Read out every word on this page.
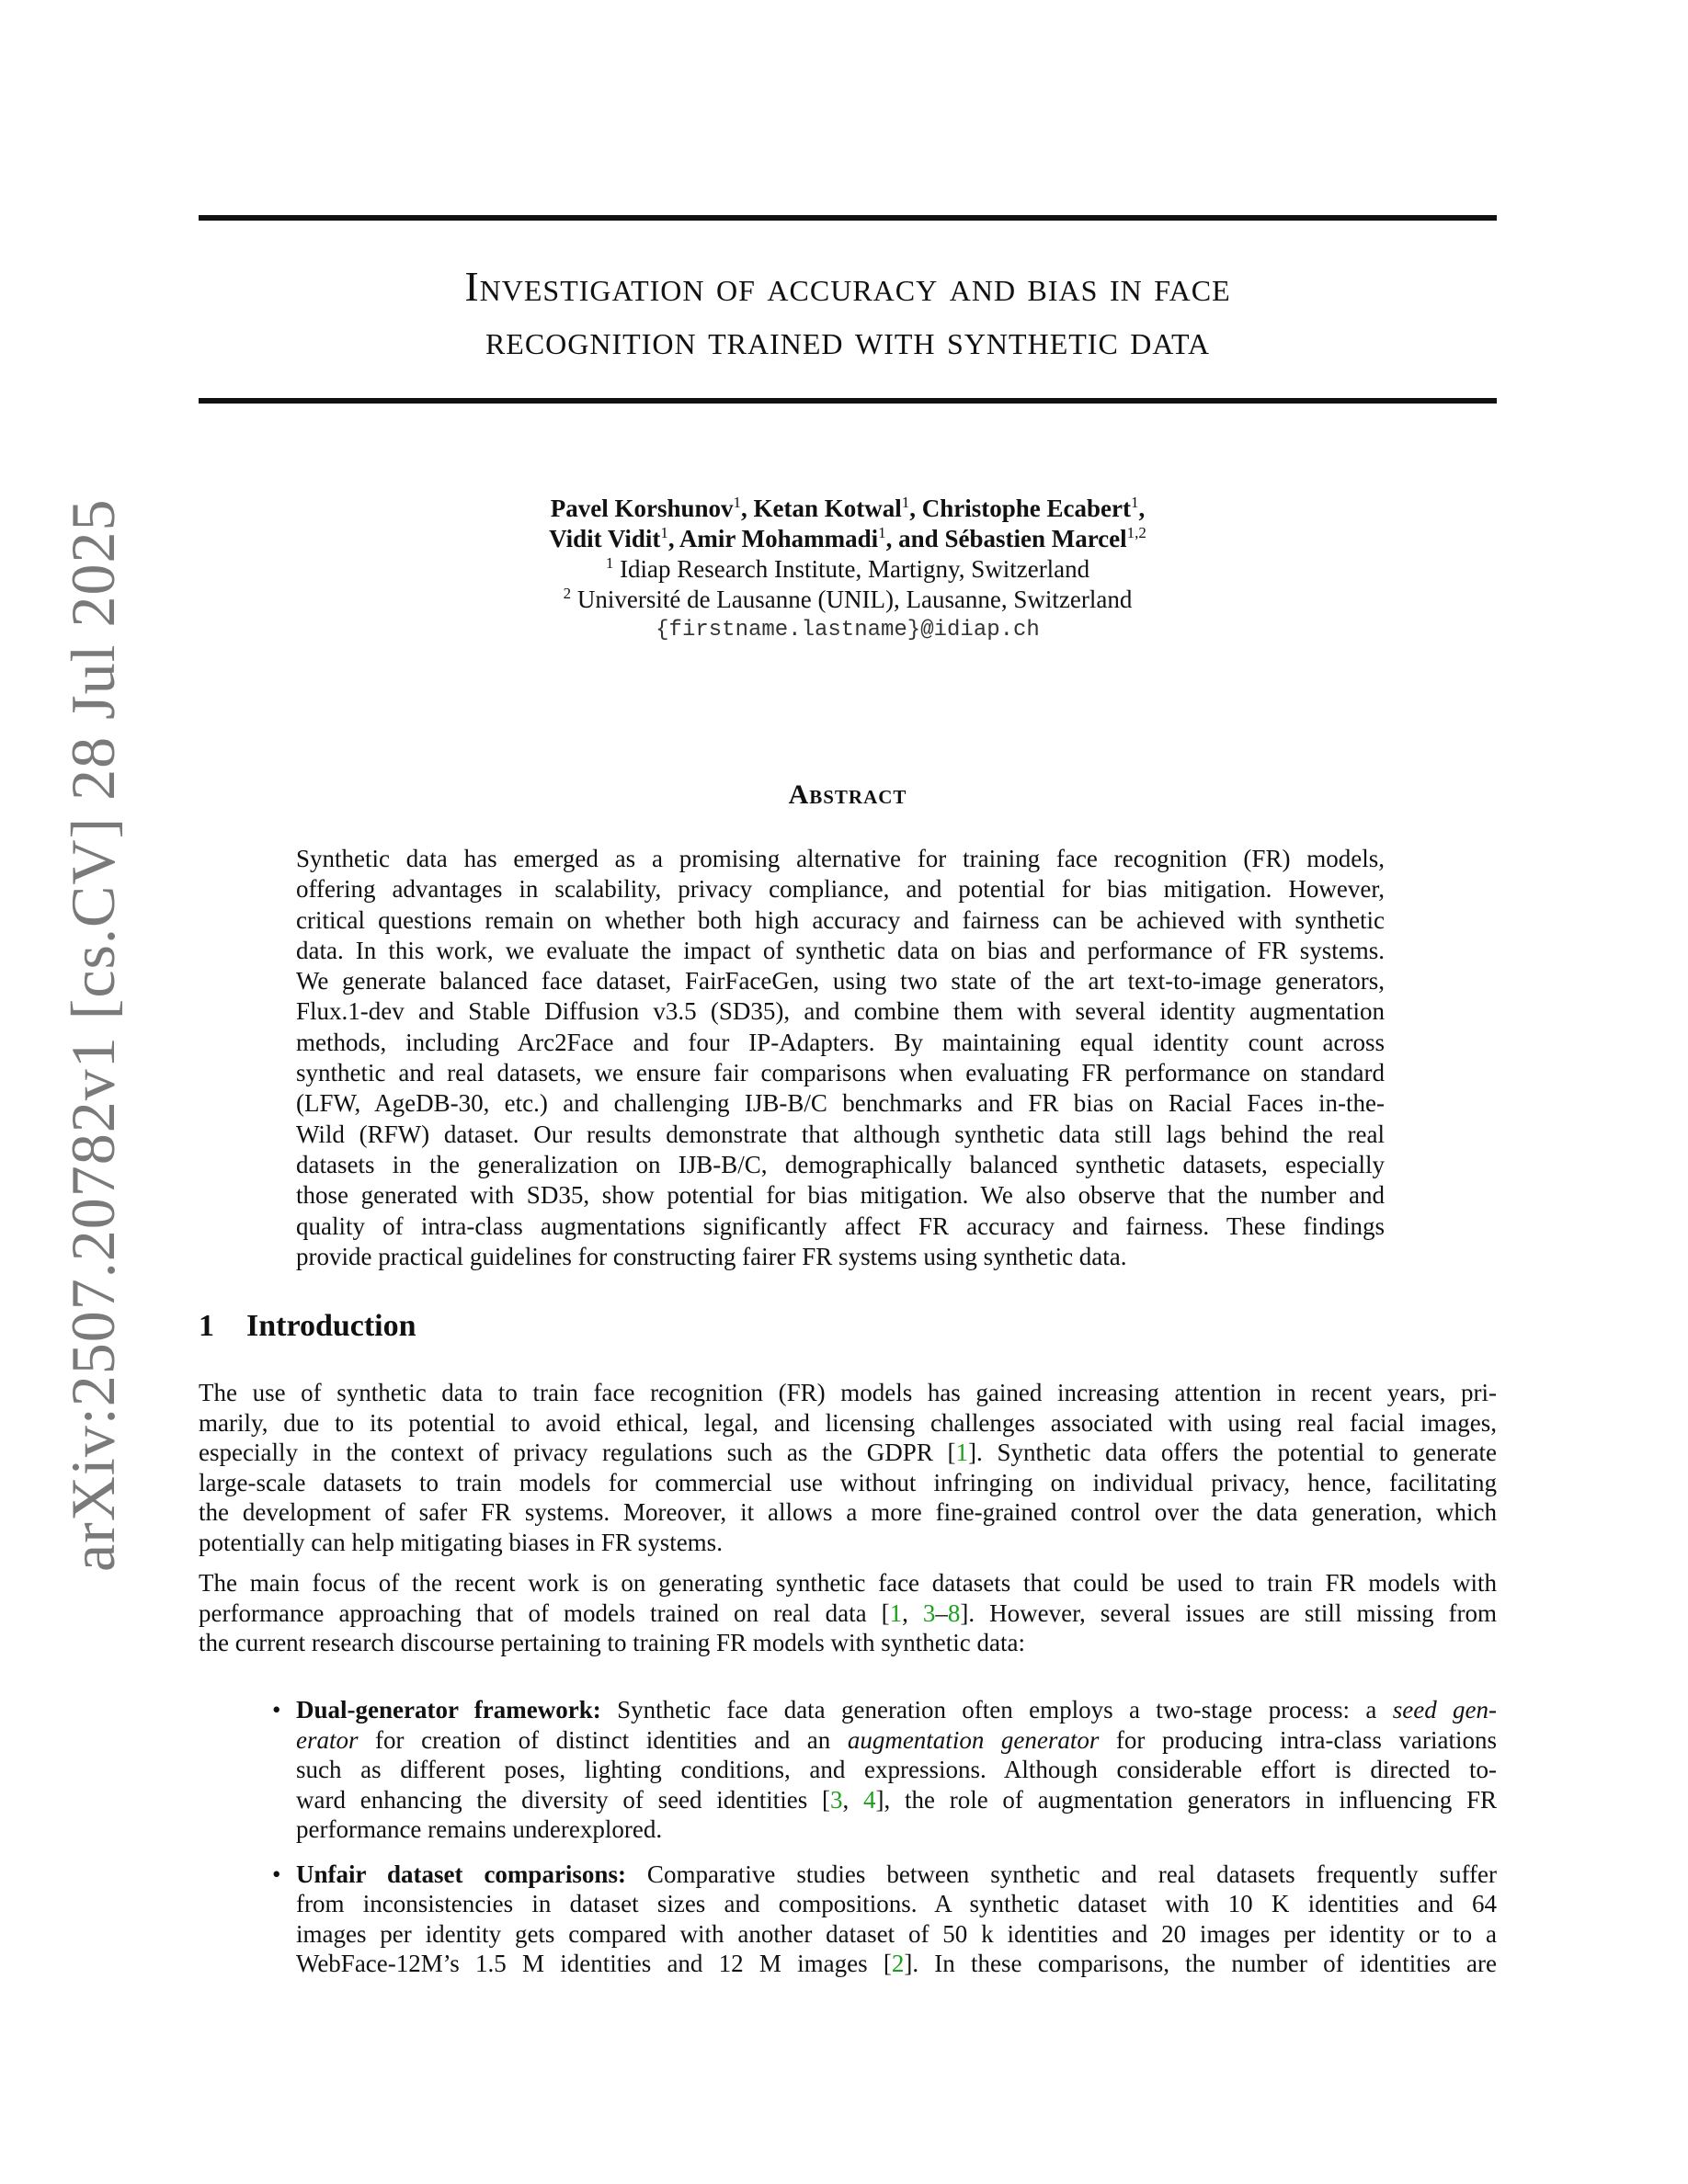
arXiv:2507.20782v1 [cs.CV] 28 Jul 2025
Investigation of accuracy and bias in face
recognition trained with synthetic data
Pavel Korshunov$^1$, Ketan Kotwal$^1$, Christophe Ecabert$^1$,
Vidit Vidit$^1$, Amir Mohammadi$^1$, and Sébastien Marcel$^{1,2}$
$^1$ Idiap Research Institute, Martigny, Switzerland
$^2$ Université de Lausanne (UNIL), Lausanne, Switzerland
{firstname.lastname}@idiap.ch
Abstract
Synthetic data has emerged as a promising alternative for training face recognition (FR) models,
offering advantages in scalability, privacy compliance, and potential for bias mitigation. However,
critical questions remain on whether both high accuracy and fairness can be achieved with synthetic
data. In this work, we evaluate the impact of synthetic data on bias and performance of FR systems.
We generate balanced face dataset, FairFaceGen, using two state of the art text-to-image generators,
Flux.1-dev and Stable Diffusion v3.5 (SD35), and combine them with several identity augmentation
methods, including Arc2Face and four IP-Adapters. By maintaining equal identity count across
synthetic and real datasets, we ensure fair comparisons when evaluating FR performance on standard
(LFW, AgeDB-30, etc.) and challenging IJB-B/C benchmarks and FR bias on Racial Faces in-the-
Wild (RFW) dataset. Our results demonstrate that although synthetic data still lags behind the real
datasets in the generalization on IJB-B/C, demographically balanced synthetic datasets, especially
those generated with SD35, show potential for bias mitigation. We also observe that the number and
quality of intra-class augmentations significantly affect FR accuracy and fairness. These findings
provide practical guidelines for constructing fairer FR systems using synthetic data.
1 Introduction
The use of synthetic data to train face recognition (FR) models has gained increasing attention in recent years, pri-
marily, due to its potential to avoid ethical, legal, and licensing challenges associated with using real facial images,
especially in the context of privacy regulations such as the GDPR [1]. Synthetic data offers the potential to generate
large-scale datasets to train models for commercial use without infringing on individual privacy, hence, facilitating
the development of safer FR systems. Moreover, it allows a more fine-grained control over the data generation, which
potentially can help mitigating biases in FR systems.
The main focus of the recent work is on generating synthetic face datasets that could be used to train FR models with
performance approaching that of models trained on real data [1, 3–8]. However, several issues are still missing from
the current research discourse pertaining to training FR models with synthetic data:
• Dual-generator framework: Synthetic face data generation often employs a two-stage process: a seed gen-
erator for creation of distinct identities and an augmentation generator for producing intra-class variations
such as different poses, lighting conditions, and expressions. Although considerable effort is directed to-
ward enhancing the diversity of seed identities [3, 4], the role of augmentation generators in influencing FR
performance remains underexplored.
• Unfair dataset comparisons: Comparative studies between synthetic and real datasets frequently suffer
from inconsistencies in dataset sizes and compositions. A synthetic dataset with 10 K identities and 64
images per identity gets compared with another dataset of 50 k identities and 20 images per identity or to a
WebFace-12M’s 1.5 M identities and 12 M images [2]. In these comparisons, the number of identities are
